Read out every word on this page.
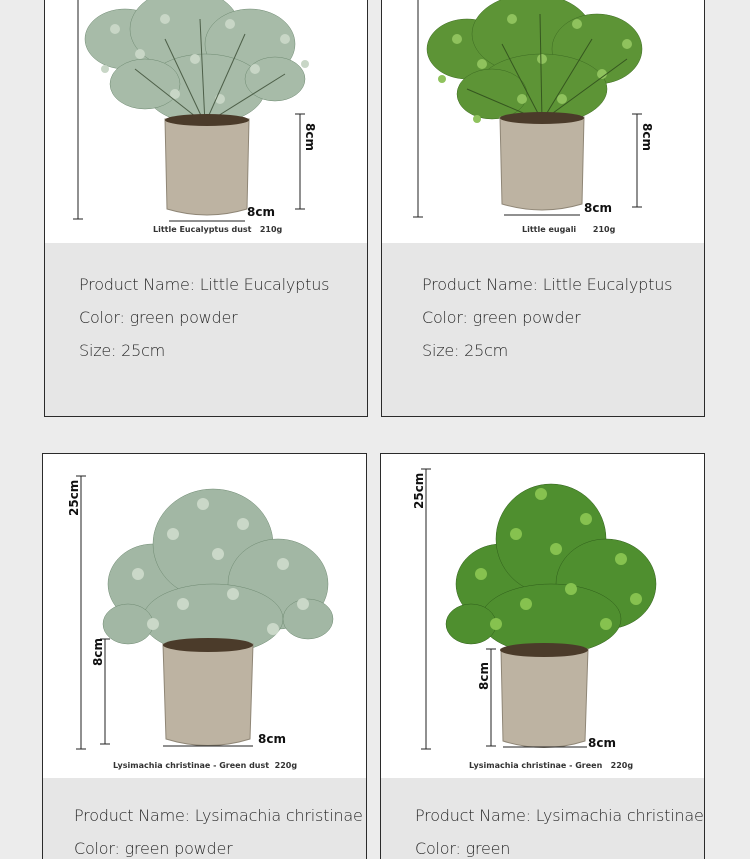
8cm
8cm
Little Eucalyptus dust 210g
Product Name: Little Eucalyptus
Color: green powder
Size: 25cm
8cm
8cm
Little eugali 210g
Product Name: Little Eucalyptus
Color: green powder
Size: 25cm
25cm
8cm
8cm
Lysimachia christinae - Green dust 220g
Product Name: Lysimachia christinae
Color: green powder
25cm
8cm
8cm
Lysimachia christinae - Green 220g
Product Name: Lysimachia christinae
Color: green
